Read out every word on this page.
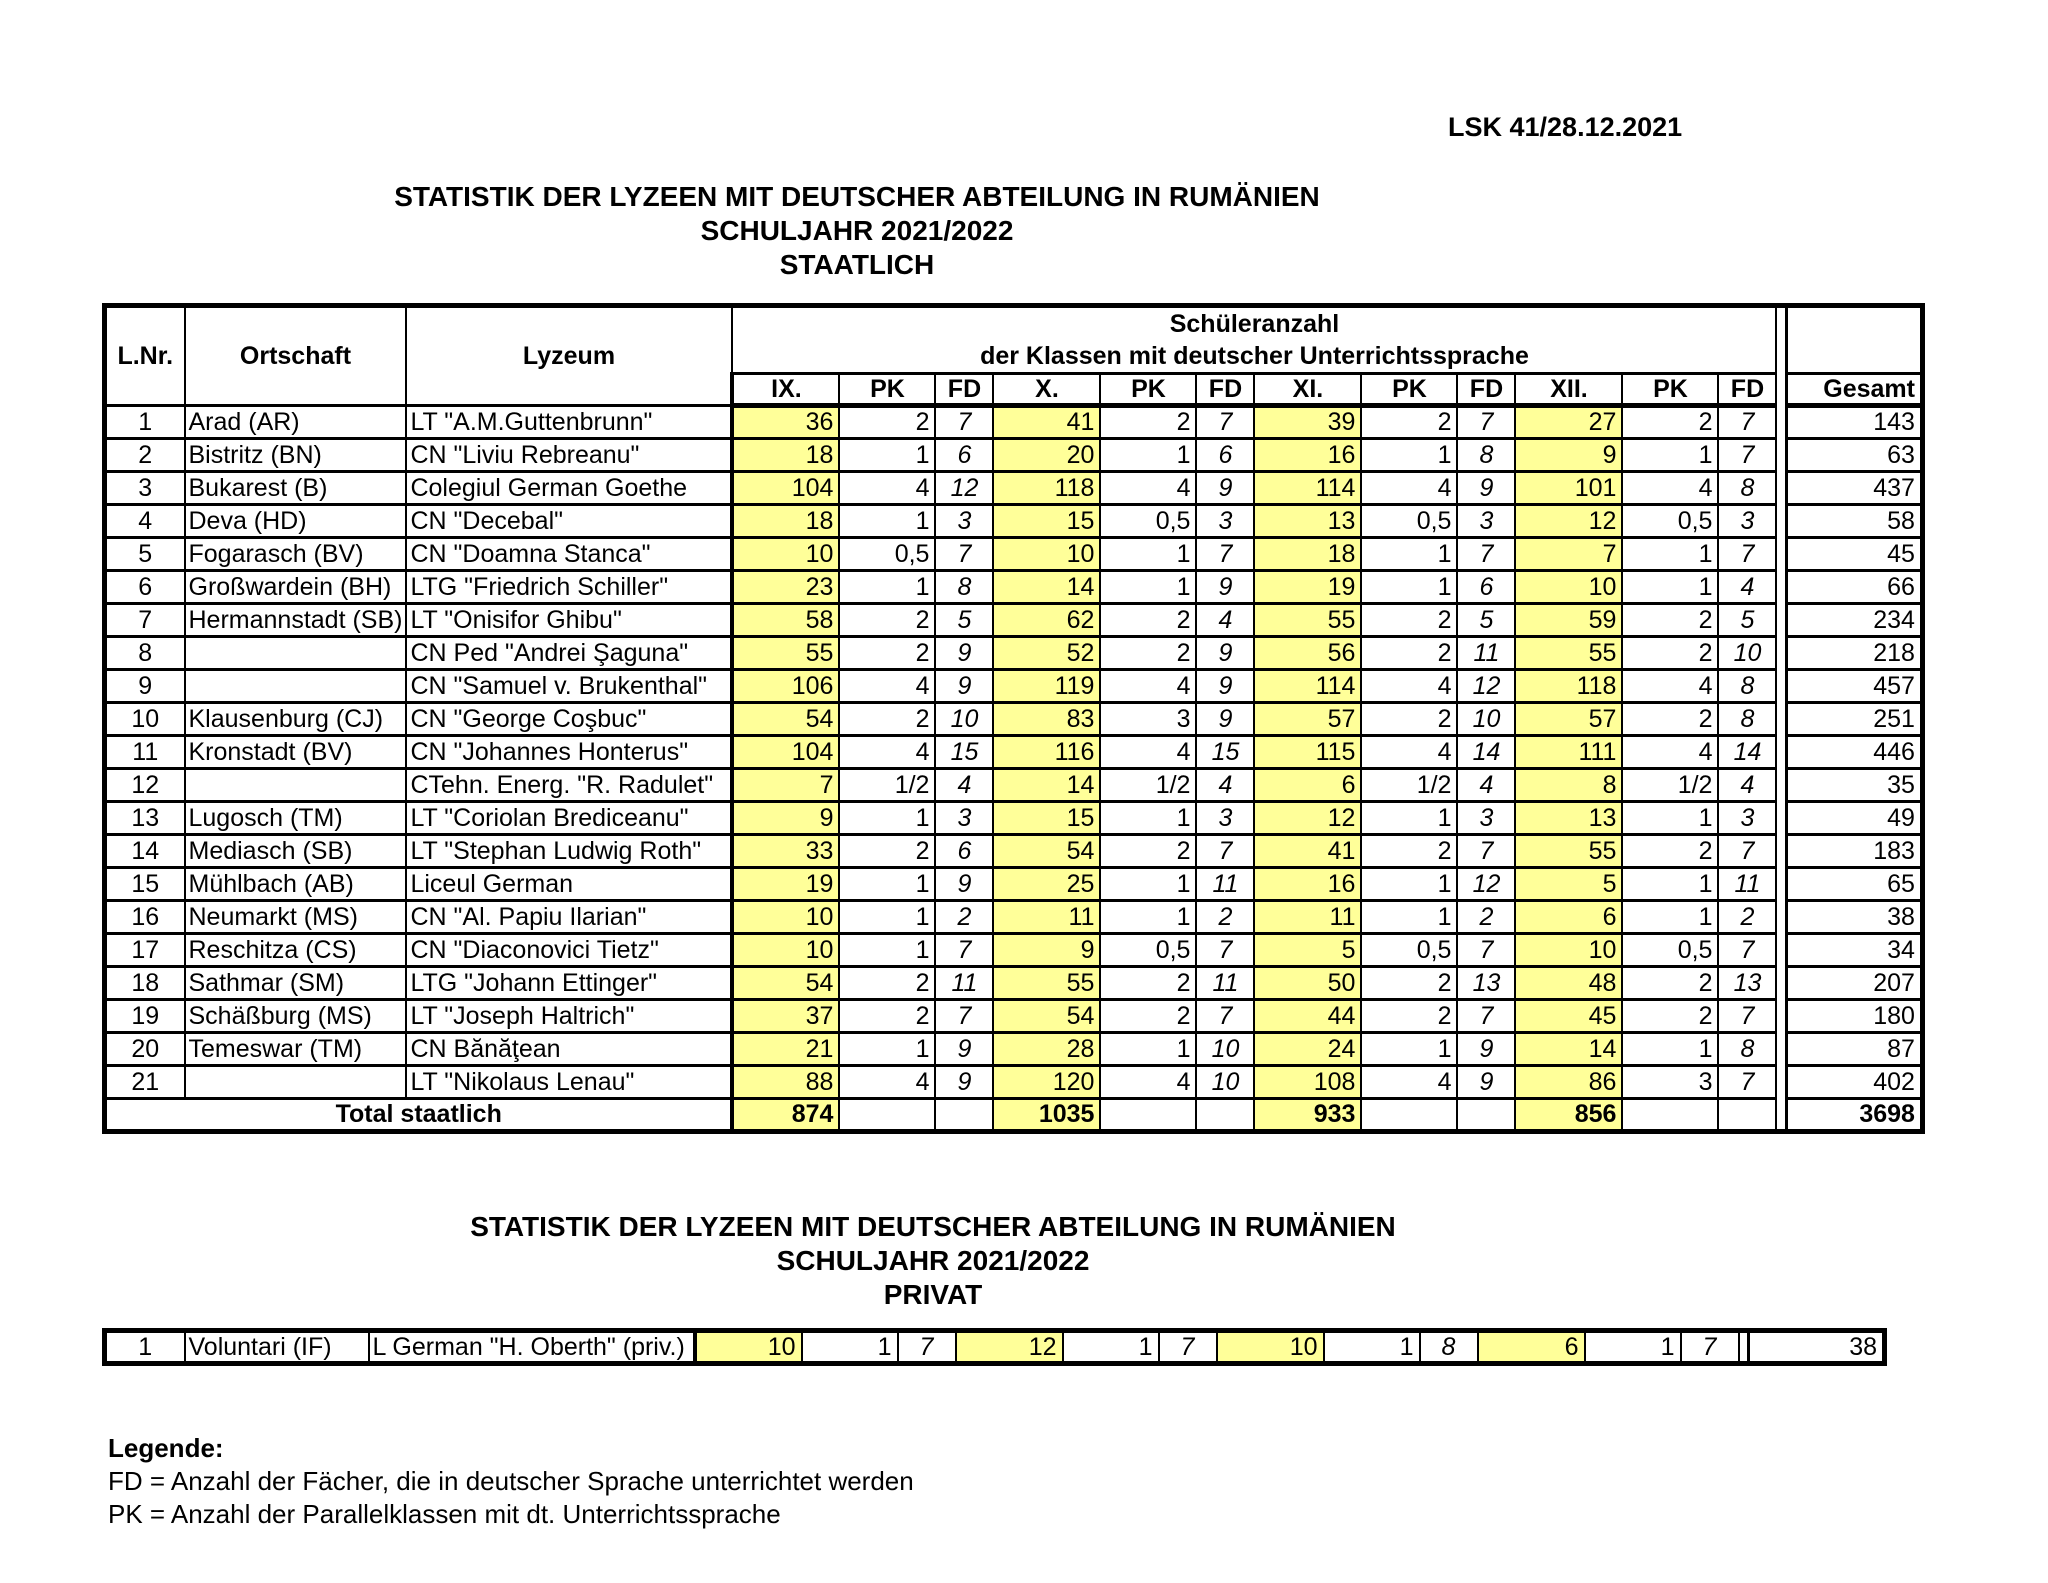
LSK 41/28.12.2021
STATISTIK DER LYZEEN MIT DEUTSCHER ABTEILUNG IN RUMÄNIEN
SCHULJAHR 2021/2022
STAATLICH
L.Nr.	Ortschaft	Lyzeum	Schüleranzahl
der Klassen mit deutscher Unterrichtssprache													

			IX.	PK	FD	X.	PK	FD	XI.	PK	FD	XII.	PK	FD		Gesamt
1	Arad (AR)	LT "A.M.Guttenbrunn"	36	2	7	41	2	7	39	2	7	27	2	7		143
2	Bistritz (BN)	CN "Liviu Rebreanu"	18	1	6	20	1	6	16	1	8	9	1	7		63
3	Bukarest (B)	Colegiul German Goethe	104	4	12	118	4	9	114	4	9	101	4	8		437
4	Deva (HD)	CN "Decebal"	18	1	3	15	0,5	3	13	0,5	3	12	0,5	3		58
5	Fogarasch (BV)	CN "Doamna Stanca"	10	0,5	7	10	1	7	18	1	7	7	1	7		45
6	Großwardein (BH)	LTG "Friedrich Schiller"	23	1	8	14	1	9	19	1	6	10	1	4		66
7	Hermannstadt (SB)	LT "Onisifor Ghibu"	58	2	5	62	2	4	55	2	5	59	2	5		234
8		CN Ped "Andrei Şaguna"	55	2	9	52	2	9	56	2	11	55	2	10		218
9		CN "Samuel v. Brukenthal"	106	4	9	119	4	9	114	4	12	118	4	8		457
10	Klausenburg (CJ)	CN "George Coşbuc"	54	2	10	83	3	9	57	2	10	57	2	8		251
11	Kronstadt (BV)	CN "Johannes Honterus"	104	4	15	116	4	15	115	4	14	111	4	14		446
12		CTehn. Energ. "R. Radulet"	7	1/2	4	14	1/2	4	6	1/2	4	8	1/2	4		35
13	Lugosch (TM)	LT "Coriolan Brediceanu"	9	1	3	15	1	3	12	1	3	13	1	3		49
14	Mediasch (SB)	LT "Stephan Ludwig Roth"	33	2	6	54	2	7	41	2	7	55	2	7		183
15	Mühlbach (AB)	Liceul German	19	1	9	25	1	11	16	1	12	5	1	11		65
16	Neumarkt (MS)	CN "Al. Papiu Ilarian"	10	1	2	11	1	2	11	1	2	6	1	2		38
17	Reschitza (CS)	CN "Diaconovici Tietz"	10	1	7	9	0,5	7	5	0,5	7	10	0,5	7		34
18	Sathmar (SM)	LTG "Johann Ettinger"	54	2	11	55	2	11	50	2	13	48	2	13		207
19	Schäßburg (MS)	LT "Joseph Haltrich"	37	2	7	54	2	7	44	2	7	45	2	7		180
20	Temeswar (TM)	CN Bănăţean	21	1	9	28	1	10	24	1	9	14	1	8		87
21		LT "Nikolaus Lenau"	88	4	9	120	4	10	108	4	9	86	3	7		402
Total staatlich			874			1035			933			856				3698
STATISTIK DER LYZEEN MIT DEUTSCHER ABTEILUNG IN RUMÄNIEN
SCHULJAHR 2021/2022
PRIVAT
1	Voluntari (IF)	L German "H. Oberth" (priv.)	10	1	7	12	1	7	10	1	8	6	1	7		38
Legende:
FD = Anzahl der Fächer, die in deutscher Sprache unterrichtet werden
PK = Anzahl der Parallelklassen mit dt. Unterrichtssprache
